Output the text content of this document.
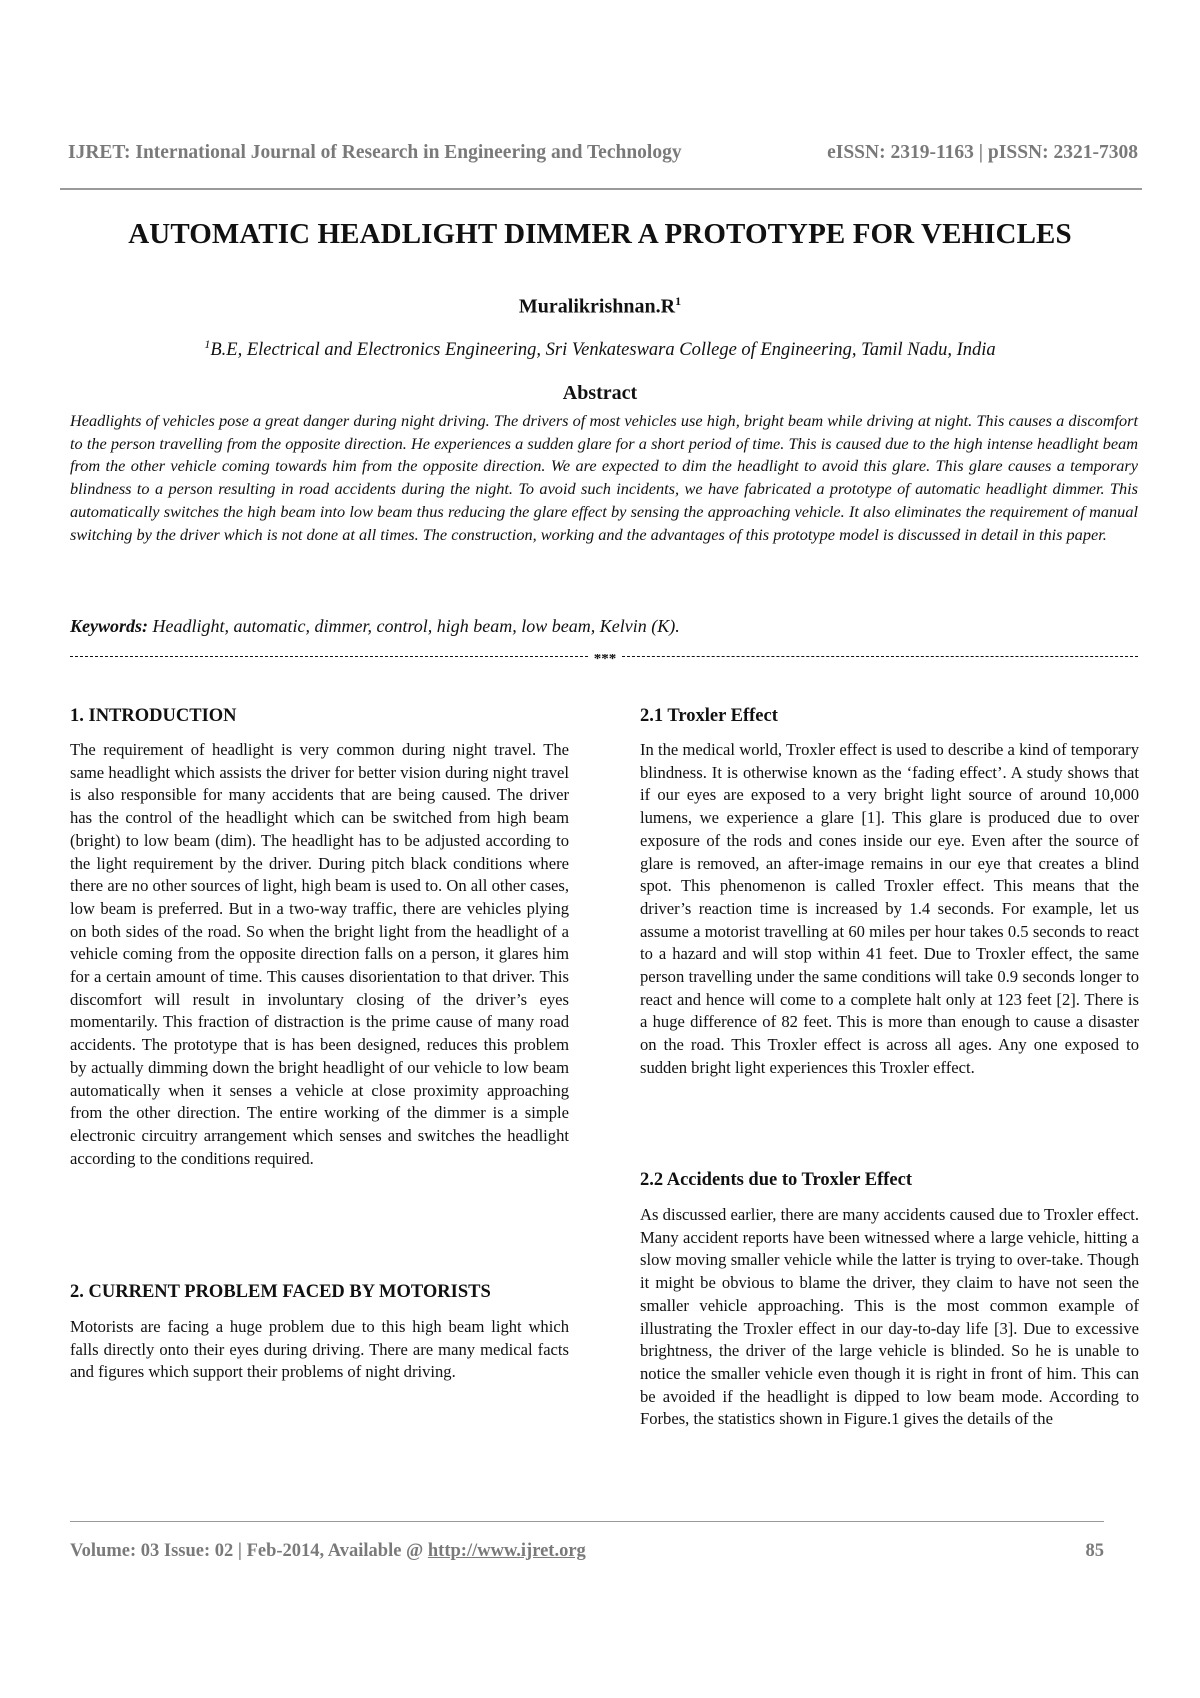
IJRET: International Journal of Research in Engineering and Technology	eISSN: 2319-1163 | pISSN: 2321-7308
AUTOMATIC HEADLIGHT DIMMER A PROTOTYPE FOR VEHICLES
$Muralikrishnan.R^1$
$^1$B.E, Electrical and Electronics Engineering, Sri Venkateswara College of Engineering, Tamil Nadu, India
Abstract
Headlights of vehicles pose a great danger during night driving. The drivers of most vehicles use high, bright beam while driving at night. This causes a discomfort to the person travelling from the opposite direction. He experiences a sudden glare for a short period of time. This is caused due to the high intense headlight beam from the other vehicle coming towards him from the opposite direction. We are expected to dim the headlight to avoid this glare. This glare causes a temporary blindness to a person resulting in road accidents during the night. To avoid such incidents, we have fabricated a prototype of automatic headlight dimmer. This automatically switches the high beam into low beam thus reducing the glare effect by sensing the approaching vehicle. It also eliminates the requirement of manual switching by the driver which is not done at all times. The construction, working and the advantages of this prototype model is discussed in detail in this paper.
Keywords: Headlight, automatic, dimmer, control, high beam, low beam, Kelvin (K).
***
1. INTRODUCTION

The requirement of headlight is very common during night travel. The same headlight which assists the driver for better vision during night travel is also responsible for many accidents that are being caused. The driver has the control of the headlight which can be switched from high beam (bright) to low beam (dim). The headlight has to be adjusted according to the light requirement by the driver. During pitch black conditions where there are no other sources of light, high beam is used to. On all other cases, low beam is preferred. But in a two-way traffic, there are vehicles plying on both sides of the road. So when the bright light from the headlight of a vehicle coming from the opposite direction falls on a person, it glares him for a certain amount of time. This causes disorientation to that driver. This discomfort will result in involuntary closing of the driver’s eyes momentarily. This fraction of distraction is the prime cause of many road accidents. The prototype that is has been designed, reduces this problem by actually dimming down the bright headlight of our vehicle to low beam automatically when it senses a vehicle at close proximity approaching from the other direction. The entire working of the dimmer is a simple electronic circuitry arrangement which senses and switches the headlight according to the conditions required.

2. CURRENT PROBLEM FACED BY MOTORISTS

Motorists are facing a huge problem due to this high beam light which falls directly onto their eyes during driving. There are many medical facts and figures which support their problems of night driving.

2.1 Troxler Effect

In the medical world, Troxler effect is used to describe a kind of temporary blindness. It is otherwise known as the ‘fading effect’. A study shows that if our eyes are exposed to a very bright light source of around 10,000 lumens, we experience a glare [1]. This glare is produced due to over exposure of the rods and cones inside our eye. Even after the source of glare is removed, an after-image remains in our eye that creates a blind spot. This phenomenon is called Troxler effect. This means that the driver’s reaction time is increased by 1.4 seconds. For example, let us assume a motorist travelling at 60 miles per hour takes 0.5 seconds to react to a hazard and will stop within 41 feet. Due to Troxler effect, the same person travelling under the same conditions will take 0.9 seconds longer to react and hence will come to a complete halt only at 123 feet [2]. There is a huge difference of 82 feet. This is more than enough to cause a disaster on the road. This Troxler effect is across all ages. Any one exposed to sudden bright light experiences this Troxler effect.

2.2 Accidents due to Troxler Effect

As discussed earlier, there are many accidents caused due to Troxler effect. Many accident reports have been witnessed where a large vehicle, hitting a slow moving smaller vehicle while the latter is trying to over-take. Though it might be obvious to blame the driver, they claim to have not seen the smaller vehicle approaching. This is the most common example of illustrating the Troxler effect in our day-to-day life [3]. Due to excessive brightness, the driver of the large vehicle is blinded. So he is unable to notice the smaller vehicle even though it is right in front of him. This can be avoided if the headlight is dipped to low beam mode. According to Forbes, the statistics shown in Figure.1 gives the details of the

Volume: 03 Issue: 02 | Feb-2014, Available @ http://www.ijret.org	85
